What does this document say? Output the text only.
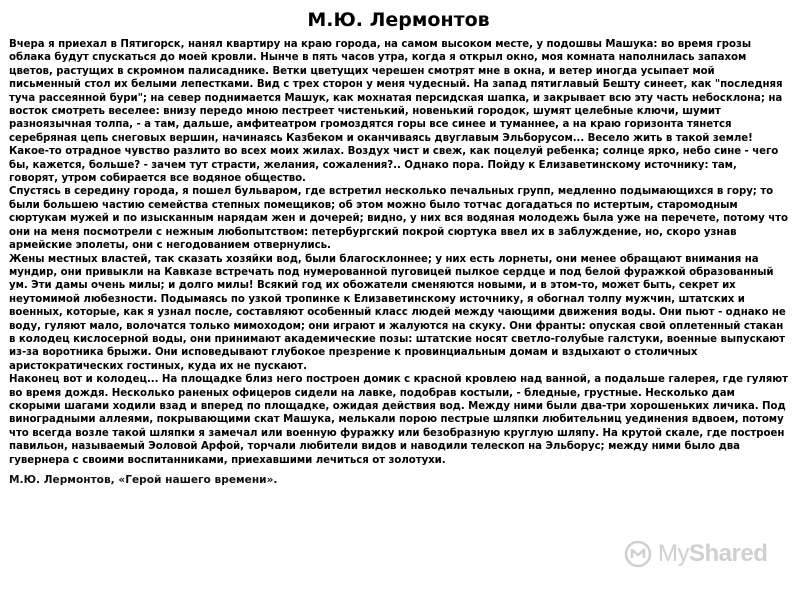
М.Ю. Лермонтов

Вчера я приехал в Пятигорск, нанял квартиру на краю города, на самом высоком месте, у подошвы Машука: во время грозы облака будут спускаться до моей кровли. Нынче в пять часов утра, когда я открыл окно, моя комната наполнилась запахом цветов, растущих в скромном палисаднике. Ветки цветущих черешен смотрят мне в окна, и ветер иногда усыпает мой письменный стол их белыми лепестками. Вид с трех сторон у меня чудесный. На запад пятиглавый Бешту синеет, как "последняя туча рассеянной бури"; на север поднимается Машук, как мохнатая персидская шапка, и закрывает всю эту часть небосклона; на восток смотреть веселее: внизу передо мною пестреет чистенький, новенький городок, шумят целебные ключи, шумит разноязычная толпа, - а там, дальше, амфитеатром громоздятся горы все синее и туманнее, а на краю горизонта тянется серебряная цепь снеговых вершин, начинаясь Казбеком и оканчиваясь двуглавым Эльборусом... Весело жить в такой земле! Какое-то отрадное чувство разлито во всех моих жилах. Воздух чист и свеж, как поцелуй ребенка; солнце ярко, небо сине - чего бы, кажется, больше? - зачем тут страсти, желания, сожаления?.. Однако пора. Пойду к Елизаветинскому источнику: там, говорят, утром собирается все водяное общество.

Спустясь в середину города, я пошел бульваром, где встретил несколько печальных групп, медленно подымающихся в гору; то были большею частию семейства степных помещиков; об этом можно было тотчас догадаться по истертым, старомодным сюртукам мужей и по изысканным нарядам жен и дочерей; видно, у них вся водяная молодежь была уже на перечете, потому что они на меня посмотрели с нежным любопытством: петербургский покрой сюртука ввел их в заблуждение, но, скоро узнав армейские эполеты, они с негодованием отвернулись.

Жены местных властей, так сказать хозяйки вод, были благосклоннее; у них есть лорнеты, они менее обращают внимания на мундир, они привыкли на Кавказе встречать под нумерованной пуговицей пылкое сердце и под белой фуражкой образованный ум. Эти дамы очень милы; и долго милы! Всякий год их обожатели сменяются новыми, и в этом-то, может быть, секрет их неутомимой любезности. Подымаясь по узкой тропинке к Елизаветинскому источнику, я обогнал толпу мужчин, штатских и военных, которые, как я узнал после, составляют особенный класс людей между чающими движения воды. Они пьют - однако не воду, гуляют мало, волочатся только мимоходом; они играют и жалуются на скуку. Они франты: опуская свой оплетенный стакан в колодец кислосерной воды, они принимают академические позы: штатские носят светло-голубые галстуки, военные выпускают из-за воротника брыжи. Они исповедывают глубокое презрение к провинциальным домам и вздыхают о столичных аристократических гостиных, куда их не пускают.

Наконец вот и колодец... На площадке близ него построен домик с красной кровлею над ванной, а подальше галерея, где гуляют во время дождя. Несколько раненых офицеров сидели на лавке, подобрав костыли, - бледные, грустные. Несколько дам скорыми шагами ходили взад и вперед по площадке, ожидая действия вод. Между ними были два-три хорошеньких личика. Под виноградными аллеями, покрывающими скат Машука, мелькали порою пестрые шляпки любительниц уединения вдвоем, потому что всегда возле такой шляпки я замечал или военную фуражку или безобразную круглую шляпу. На крутой скале, где построен павильон, называемый Эоловой Арфой, торчали любители видов и наводили телескоп на Эльборус; между ними было два гувернера с своими воспитанниками, приехавшими лечиться от золотухи.

М.Ю. Лермонтов, «Герой нашего времени».
MyShared
